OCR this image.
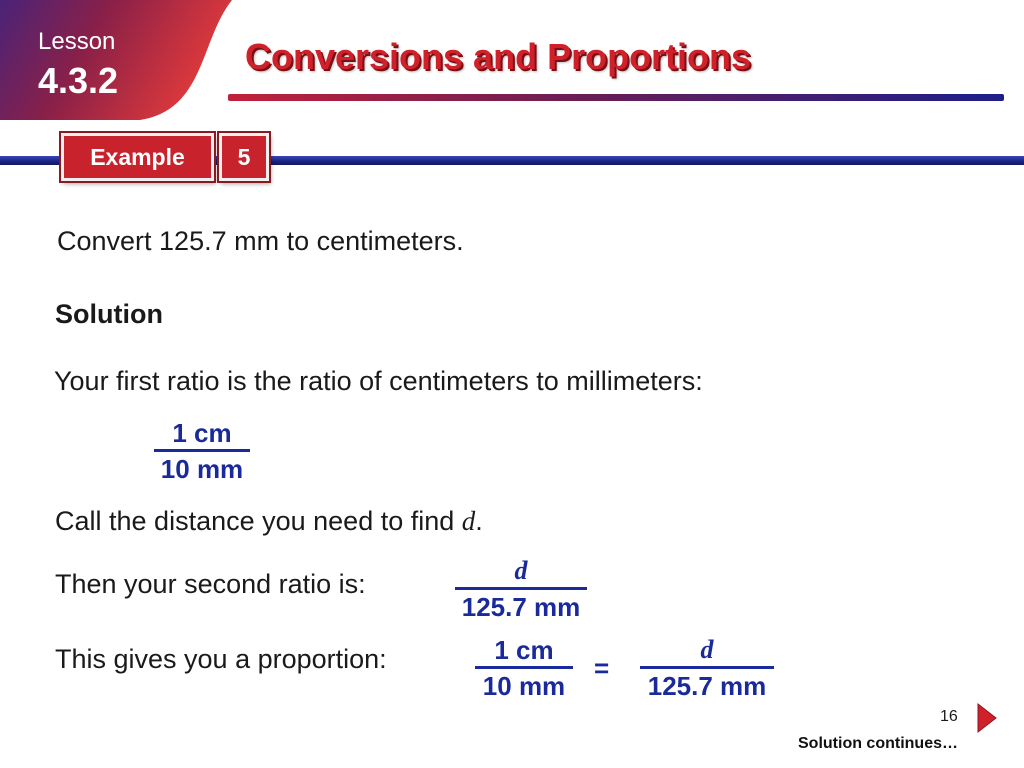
Lesson
4.3.2
Conversions and Proportions
Example	5
Convert 125.7 mm to centimeters.
Solution
Your first ratio is the ratio of centimeters to millimeters:
1 cm
10 mm
Call the distance you need to find d.
Then your second ratio is:	d
125.7 mm
This gives you a proportion:	1 cm
10 mm
=
d
125.7 mm
16
Solution continues…
